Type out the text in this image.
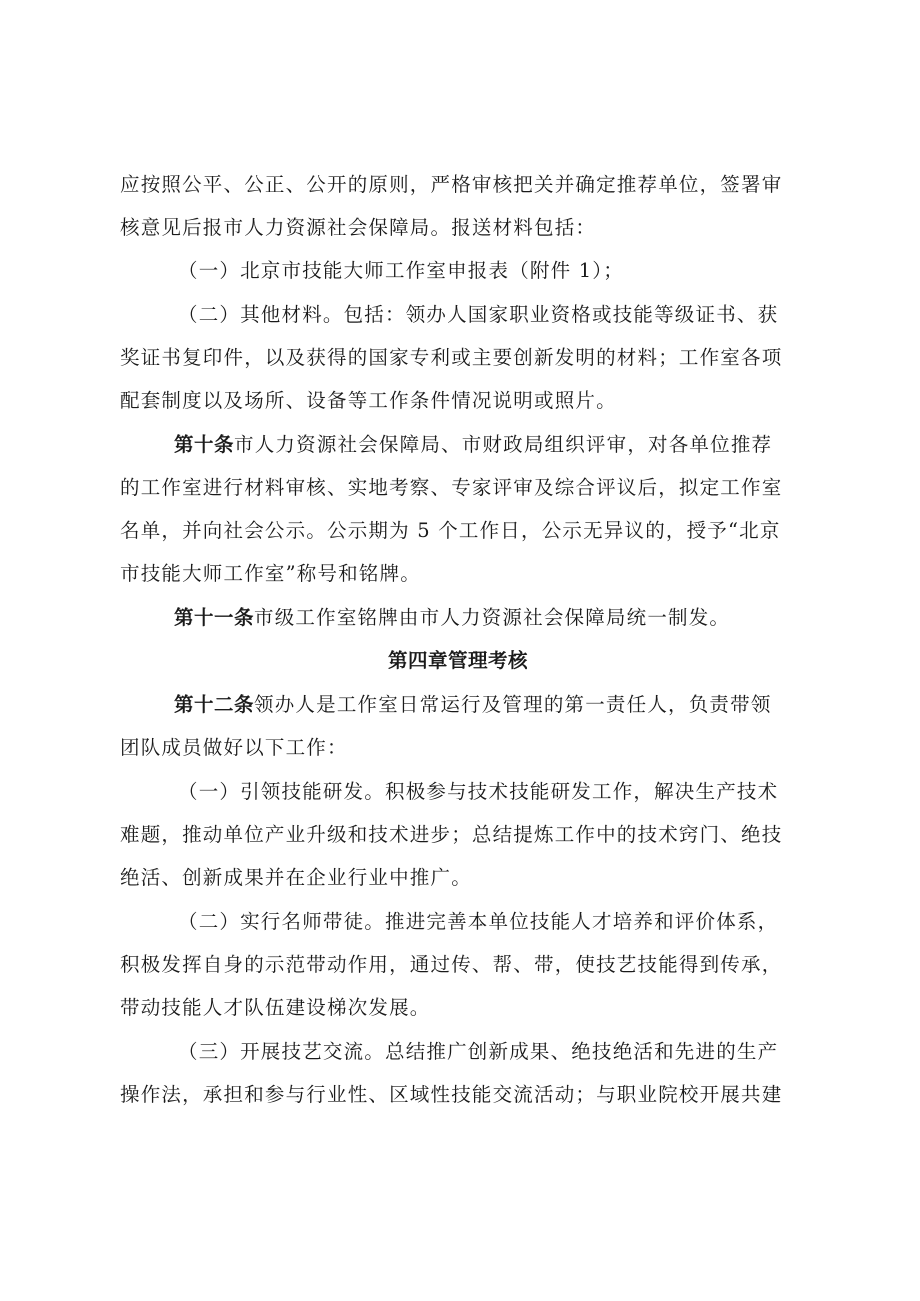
应按照公平、公正、公开的原则，严格审核把关并确定推荐单位，签署审
核意见后报市人力资源社会保障局。报送材料包括：
（一）北京市技能大师工作室申报表（附件 1）；
（二）其他材料。包括：领办人国家职业资格或技能等级证书、获
奖证书复印件，以及获得的国家专利或主要创新发明的材料；工作室各项
配套制度以及场所、设备等工作条件情况说明或照片。
第十条市人力资源社会保障局、市财政局组织评审，对各单位推荐
的工作室进行材料审核、实地考察、专家评审及综合评议后，拟定工作室
名单，并向社会公示。公示期为 5 个工作日，公示无异议的，授予“北京
市技能大师工作室”称号和铭牌。
第十一条市级工作室铭牌由市人力资源社会保障局统一制发。
第四章管理考核
第十二条领办人是工作室日常运行及管理的第一责任人，负责带领
团队成员做好以下工作：
（一）引领技能研发。积极参与技术技能研发工作，解决生产技术
难题，推动单位产业升级和技术进步；总结提炼工作中的技术窍门、绝技
绝活、创新成果并在企业行业中推广。
（二）实行名师带徒。推进完善本单位技能人才培养和评价体系，
积极发挥自身的示范带动作用，通过传、帮、带，使技艺技能得到传承，
带动技能人才队伍建设梯次发展。
（三）开展技艺交流。总结推广创新成果、绝技绝活和先进的生产
操作法，承担和参与行业性、区域性技能交流活动；与职业院校开展共建
